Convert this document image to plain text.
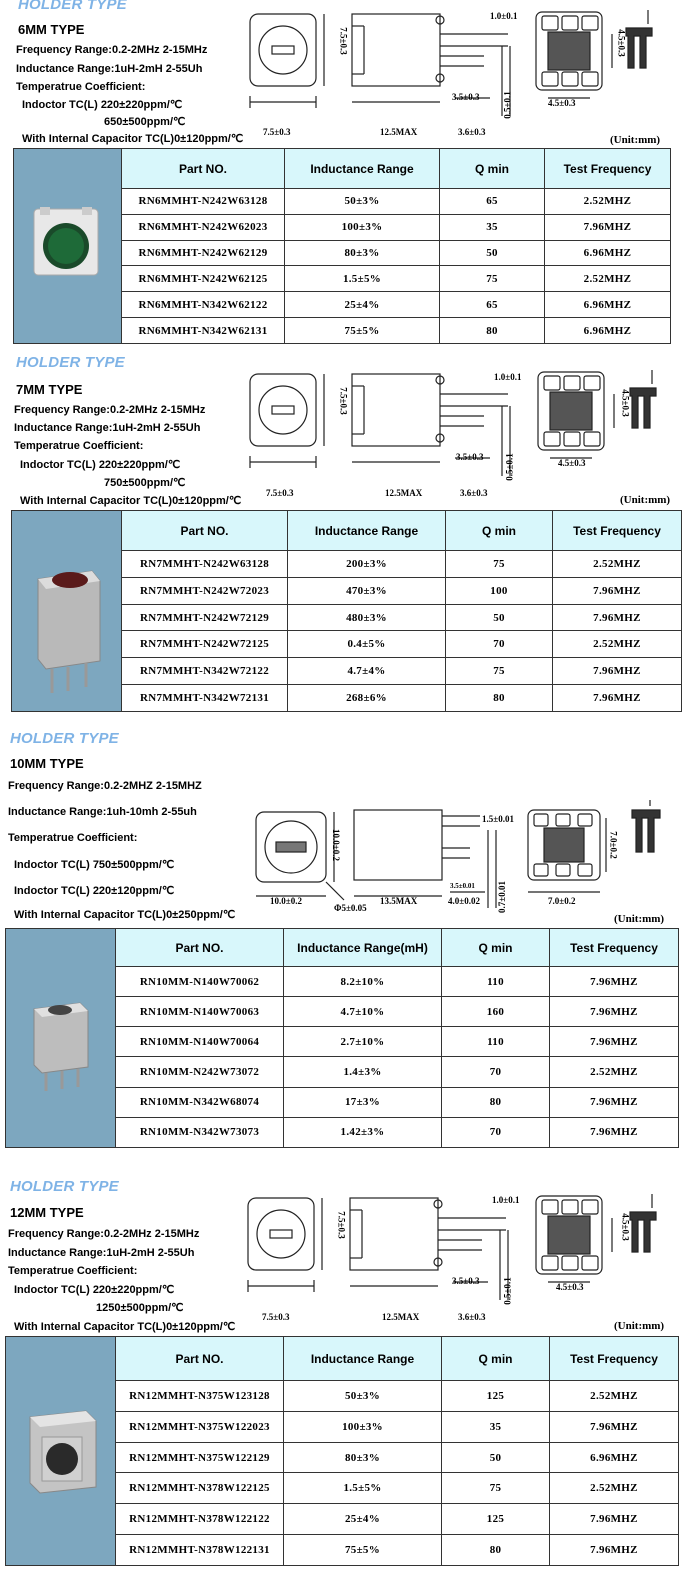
HOLDER TYPE
6MM TYPE
Frequency Range:0.2-2MHz 2-15MHz
Inductance Range:1uH-2mH 2-55Uh
Temperatrue Coefficient:
Indoctor TC(L) 220±220ppm/℃
650±500ppm/℃
With Internal Capacitor TC(L)0±120ppm/℃
1.0±0.1
7.5±0.3	4.5±0.3
3.5±0.3	0.5±0.1	4.5±0.3
7.5±0.3	12.5MAX	3.6±0.3
(Unit:mm)
	Part NO.	Inductance Range	Q min	Test Frequency
	RN6MMHT-N242W63128	50±3%	65	2.52MHZ
	RN6MMHT-N242W62023	100±3%	35	7.96MHZ
	RN6MMHT-N242W62129	80±3%	50	6.96MHZ
	RN6MMHT-N242W62125	1.5±5%	75	2.52MHZ
	RN6MMHT-N342W62122	25±4%	65	6.96MHZ
	RN6MMHT-N342W62131	75±5%	80	6.96MHZ
HOLDER TYPE
7MM TYPE
Frequency Range:0.2-2MHz 2-15MHz
Inductance Range:1uH-2mH 2-55Uh
Temperatrue Coefficient:
Indoctor TC(L) 220±220ppm/℃
750±500ppm/℃
With Internal Capacitor TC(L)0±120ppm/℃
1.0±0.1
7.5±0.3	4.5±0.3
3.5±0.3 0.5±0.1	4.5±0.3
7.5±0.3	12.5MAX	3.6±0.3
(Unit:mm)
	Part NO.	Inductance Range	Q min	Test Frequency
	RN7MMHT-N242W63128	200±3%	75	2.52MHZ
	RN7MMHT-N242W72023	470±3%	100	7.96MHZ
	RN7MMHT-N242W72129	480±3%	50	7.96MHZ
	RN7MMHT-N242W72125	0.4±5%	70	2.52MHZ
	RN7MMHT-N342W72122	4.7±4%	75	7.96MHZ
	RN7MMHT-N342W72131	268±6%	80	7.96MHZ
HOLDER TYPE
10MM TYPE
Frequency Range:0.2-2MHZ 2-15MHZ
Inductance Range:1uh-10mh 2-55uh
Temperatrue Coefficient:
Indoctor TC(L) 750±500ppm/℃
Indoctor TC(L) 220±120ppm/℃
With Internal Capacitor TC(L)0±250ppm/℃
1.5±0.01
10.0±0.2	7.0±0.2
Φ5±0.05
3.5±0.01 0.7±0.01	7.0±0.2
10.0±0.2	13.5MAX	4.0±0.02
(Unit:mm)
	Part NO.	Inductance Range(mH)	Q min	Test Frequency
	RN10MM-N140W70062	8.2±10%	110	7.96MHZ
	RN10MM-N140W70063	4.7±10%	160	7.96MHZ
	RN10MM-N140W70064	2.7±10%	110	7.96MHZ
	RN10MM-N242W73072	1.4±3%	70	2.52MHZ
	RN10MM-N342W68074	17±3%	80	7.96MHZ
	RN10MM-N342W73073	1.42±3%	70	7.96MHZ
HOLDER TYPE
12MM TYPE
Frequency Range:0.2-2MHz 2-15MHz
Inductance Range:1uH-2mH 2-55Uh
Temperatrue Coefficient:
Indoctor TC(L) 220±220ppm/℃
1250±500ppm/℃
With Internal Capacitor TC(L)0±120ppm/℃
1.0±0.1
7.5±0.3	4.5±0.3
3.5±0.3	0.5±0.1	4.5±0.3
7.5±0.3	12.5MAX	3.6±0.3
(Unit:mm)
	Part NO.	Inductance Range	Q min	Test Frequency
	RN12MMHT-N375W123128	50±3%	125	2.52MHZ
	RN12MMHT-N375W122023	100±3%	35	7.96MHZ
	RN12MMHT-N375W122129	80±3%	50	6.96MHZ
	RN12MMHT-N378W122125	1.5±5%	75	2.52MHZ
	RN12MMHT-N378W122122	25±4%	125	7.96MHZ
	RN12MMHT-N378W122131	75±5%	80	7.96MHZ
